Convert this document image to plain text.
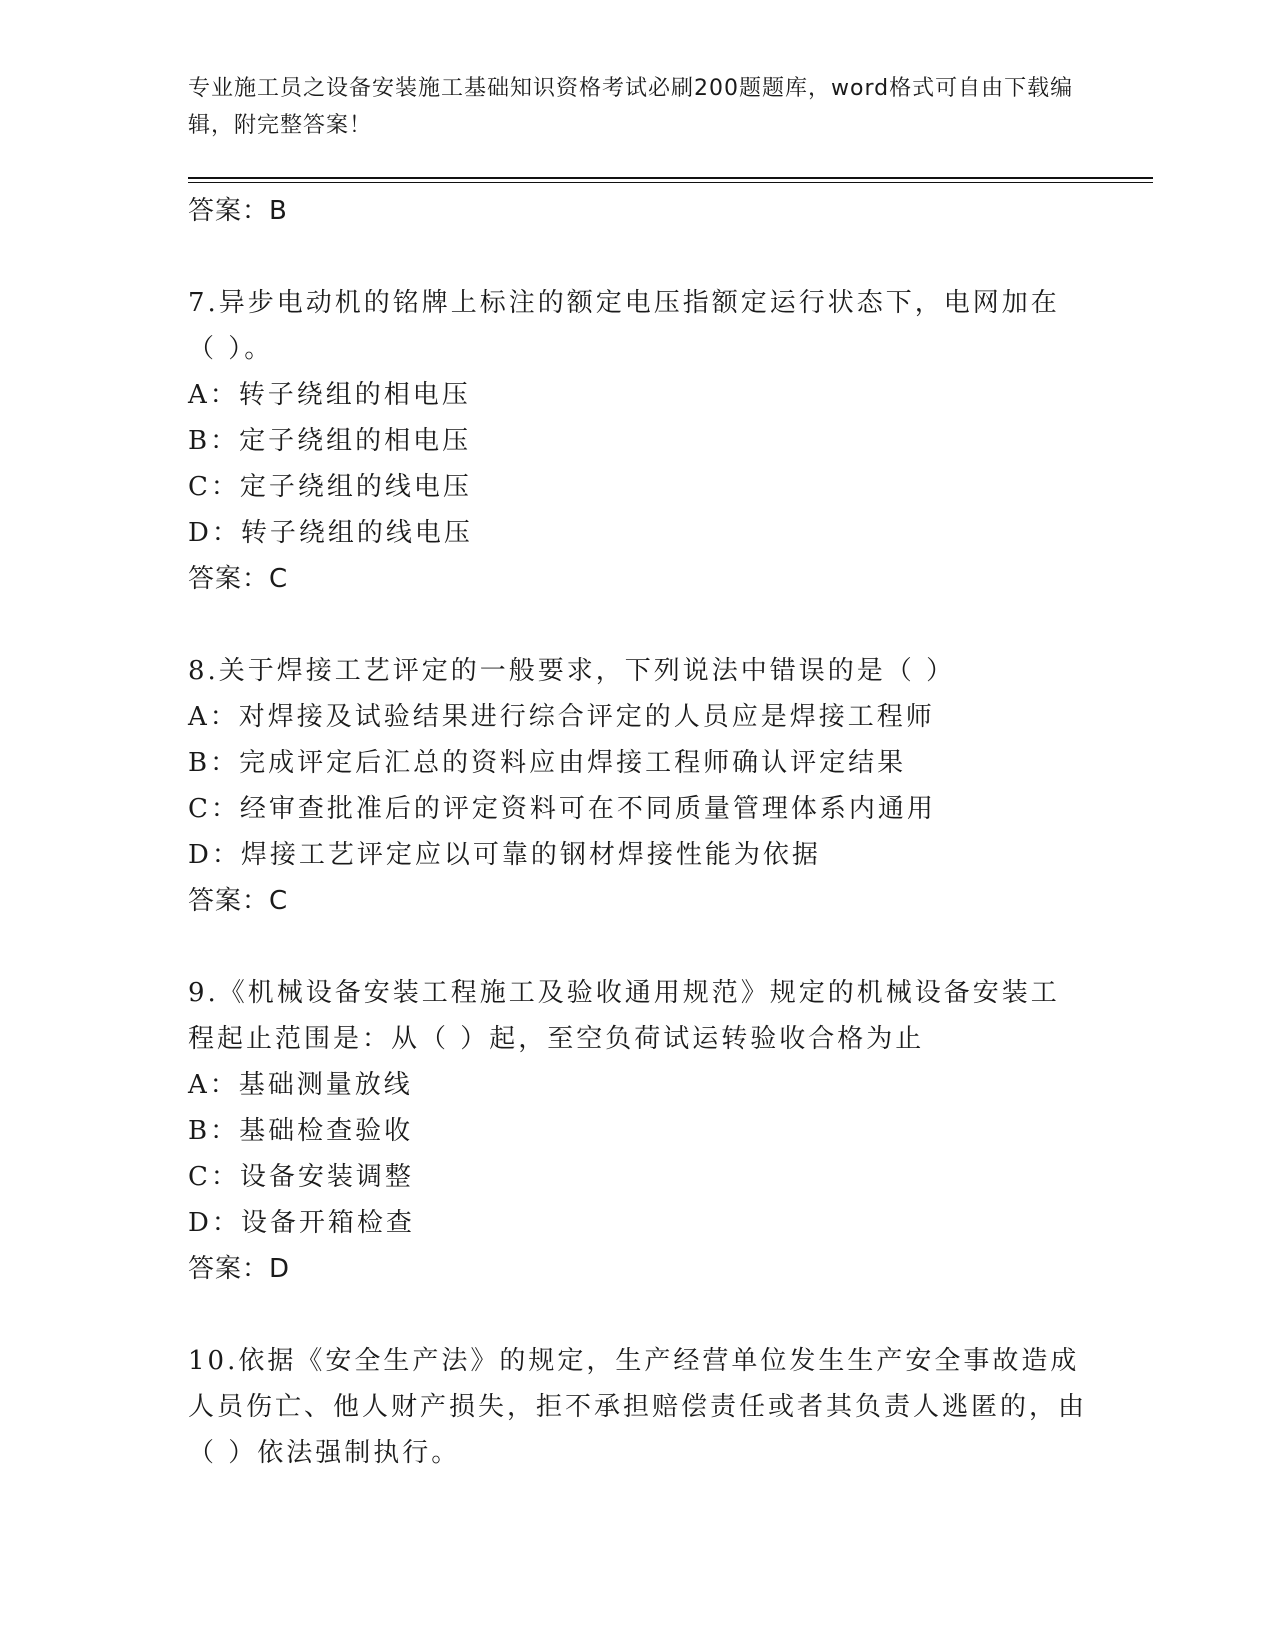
专业施工员之设备安装施工基础知识资格考试必刷200题题库，word格式可自由下载编辑，附完整答案！
答案：B
7.异步电动机的铭牌上标注的额定电压指额定运行状态下，电网加在（ ）。
A：转子绕组的相电压
B：定子绕组的相电压
C：定子绕组的线电压
D：转子绕组的线电压
答案：C
8.关于焊接工艺评定的一般要求，下列说法中错误的是（ ）
A：对焊接及试验结果进行综合评定的人员应是焊接工程师
B：完成评定后汇总的资料应由焊接工程师确认评定结果
C：经审查批准后的评定资料可在不同质量管理体系内通用
D：焊接工艺评定应以可靠的钢材焊接性能为依据
答案：C
9.《机械设备安装工程施工及验收通用规范》规定的机械设备安装工程起止范围是：从（ ）起，至空负荷试运转验收合格为止
A：基础测量放线
B：基础检查验收
C：设备安装调整
D：设备开箱检查
答案：D
10.依据《安全生产法》的规定，生产经营单位发生生产安全事故造成人员伤亡、他人财产损失，拒不承担赔偿责任或者其负责人逃匿的，由（ ）依法强制执行。
